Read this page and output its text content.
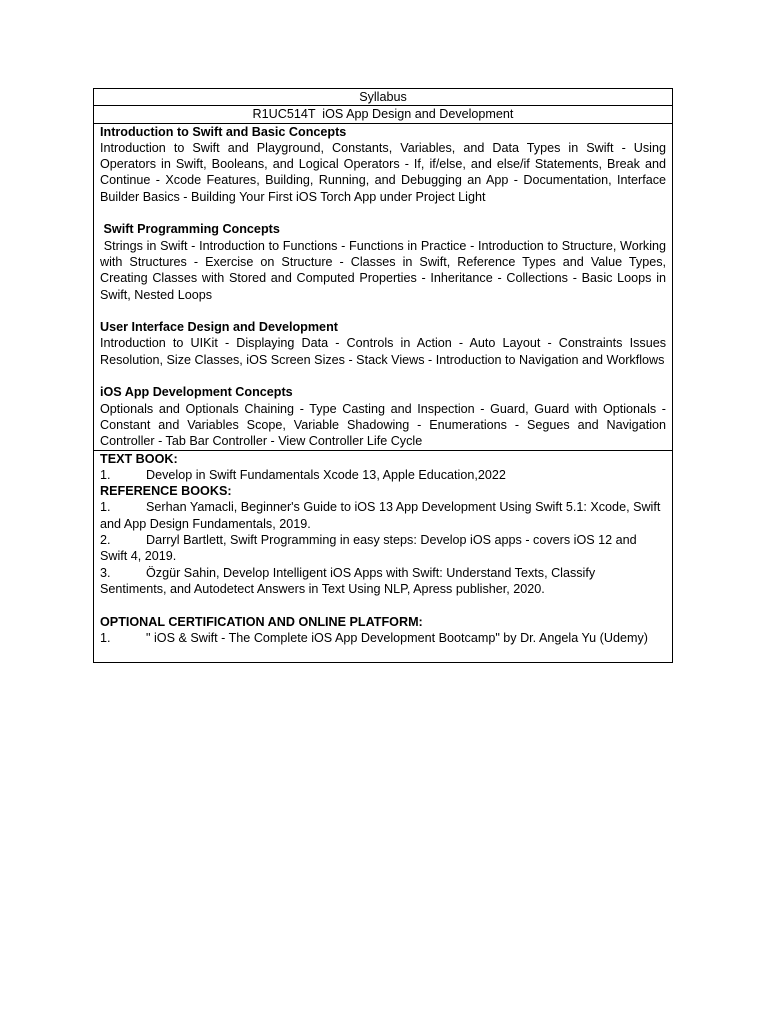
Syllabus
R1UC514T  iOS App Design and Development
Introduction to Swift and Basic Concepts
Introduction to Swift and Playground, Constants, Variables, and Data Types in Swift - Using Operators in Swift, Booleans, and Logical Operators - If, if/else, and else/if Statements, Break and Continue - Xcode Features, Building, Running, and Debugging an App - Documentation, Interface Builder Basics - Building Your First iOS Torch App under Project Light
Swift Programming Concepts
Strings in Swift - Introduction to Functions - Functions in Practice - Introduction to Structure, Working with Structures - Exercise on Structure - Classes in Swift, Reference Types and Value Types, Creating Classes with Stored and Computed Properties - Inheritance - Collections - Basic Loops in Swift, Nested Loops
User Interface Design and Development
Introduction to UIKit - Displaying Data - Controls in Action - Auto Layout - Constraints Issues Resolution, Size Classes, iOS Screen Sizes - Stack Views - Introduction to Navigation and Workflows
iOS App Development Concepts
Optionals and Optionals Chaining - Type Casting and Inspection - Guard, Guard with Optionals - Constant and Variables Scope, Variable Shadowing - Enumerations - Segues and Navigation Controller - Tab Bar Controller - View Controller Life Cycle
TEXT BOOK:
1.	Develop in Swift Fundamentals Xcode 13, Apple Education,2022
REFERENCE BOOKS:
1.	Serhan Yamacli, Beginner's Guide to iOS 13 App Development Using Swift 5.1: Xcode, Swift
and App Design Fundamentals, 2019.
2.	Darryl Bartlett, Swift Programming in easy steps: Develop iOS apps - covers iOS 12 and
Swift 4, 2019.
3.	Özgür Sahin, Develop Intelligent iOS Apps with Swift: Understand Texts, Classify
Sentiments, and Autodetect Answers in Text Using NLP, Apress publisher, 2020.
OPTIONAL CERTIFICATION AND ONLINE PLATFORM:
1.	" iOS & Swift - The Complete iOS App Development Bootcamp" by Dr. Angela Yu (Udemy)
